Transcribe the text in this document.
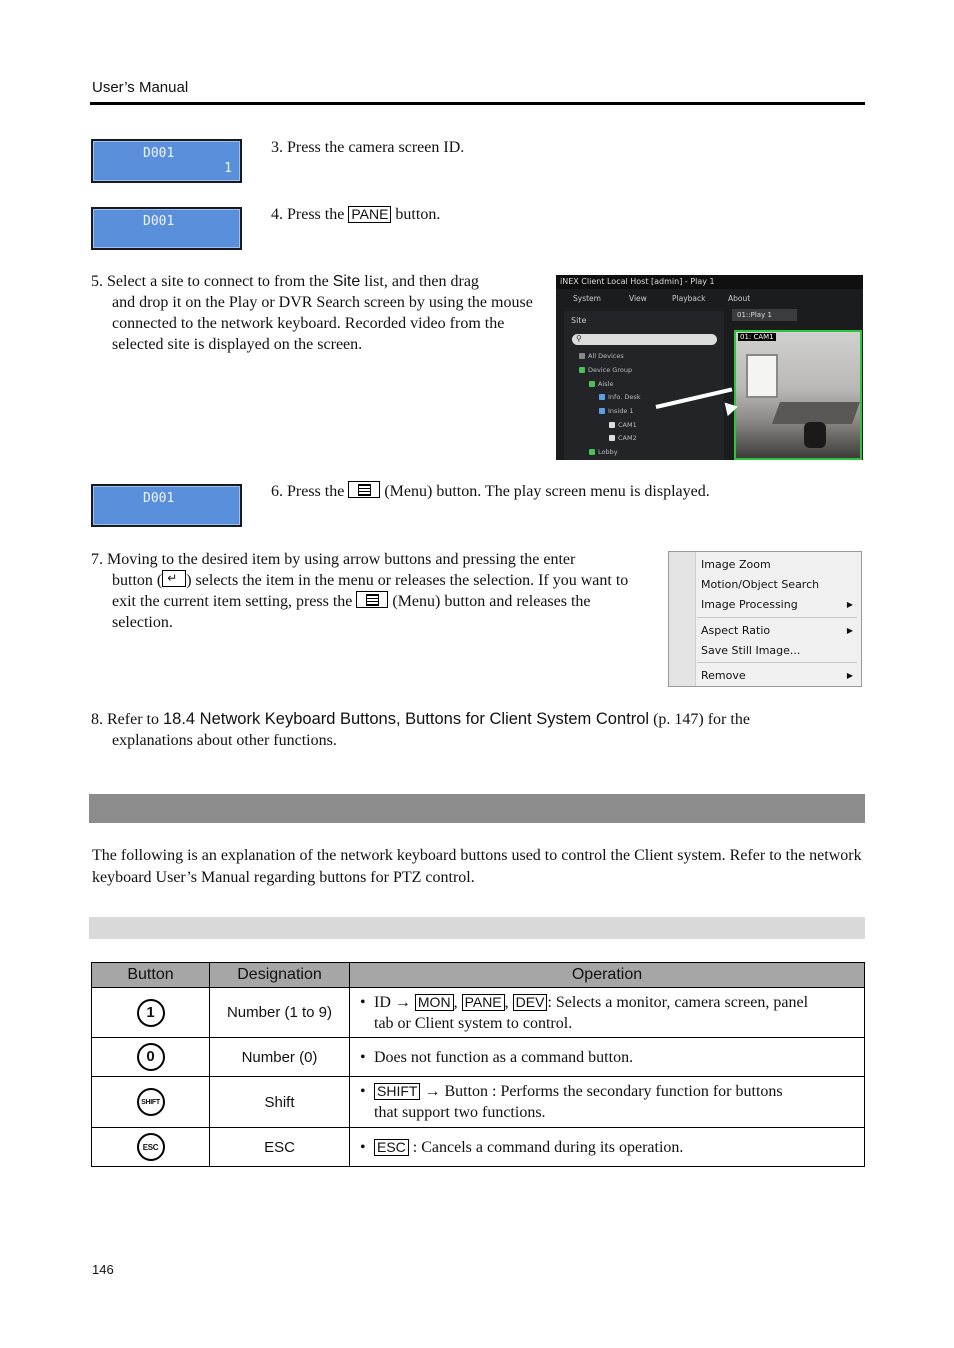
User’s Manual
D001
1
3. Press the camera screen ID.
D001	4. Press the PANE button.
5. Select a site to connect to from the Site list, and then drag
and drop it on the Play or DVR Search screen by using the mouse connected to the network keyboard. Recorded video from the selected site is displayed on the screen.
iNEX Client Local Host [admin] - Play 1
System	View	Playback	About
Site
⚲
All Devices
Device Group
Aisle
Info. Desk
Inside 1
CAM1
CAM2
Lobby
01::Play 1
01: CAM1
D001	6. Press the
(Menu) button. The play screen menu is displayed.
7. Moving to the desired item by using arrow buttons and pressing the enter
button ( ↵ ) selects the item in the menu or releases the selection. If you want to exit the current item setting, press the
(Menu) button and releases the selection.
Image Zoom
Motion/Object Search
Image Processing	▶
Aspect Ratio	▶
Save Still Image...
Remove	▶
8. Refer to 18.4 Network Keyboard Buttons, Buttons for Client System Control (p. 147) for the
explanations about other functions.
The following is an explanation of the network keyboard buttons used to control the Client system. Refer to the network keyboard User’s Manual regarding buttons for PTZ control.
Button	Designation	Operation
1	Number (1 to 9)	• ID → MON , PANE , DEV : Selects a monitor, camera screen, panel
tab or Client system to control.

0	Number (0)	• Does not function as a command button.
SHIFT	Shift	• SHIFT → Button : Performs the secondary function for buttons
that support two functions.

ESC	ESC	• ESC : Cancels a command during its operation.
146
